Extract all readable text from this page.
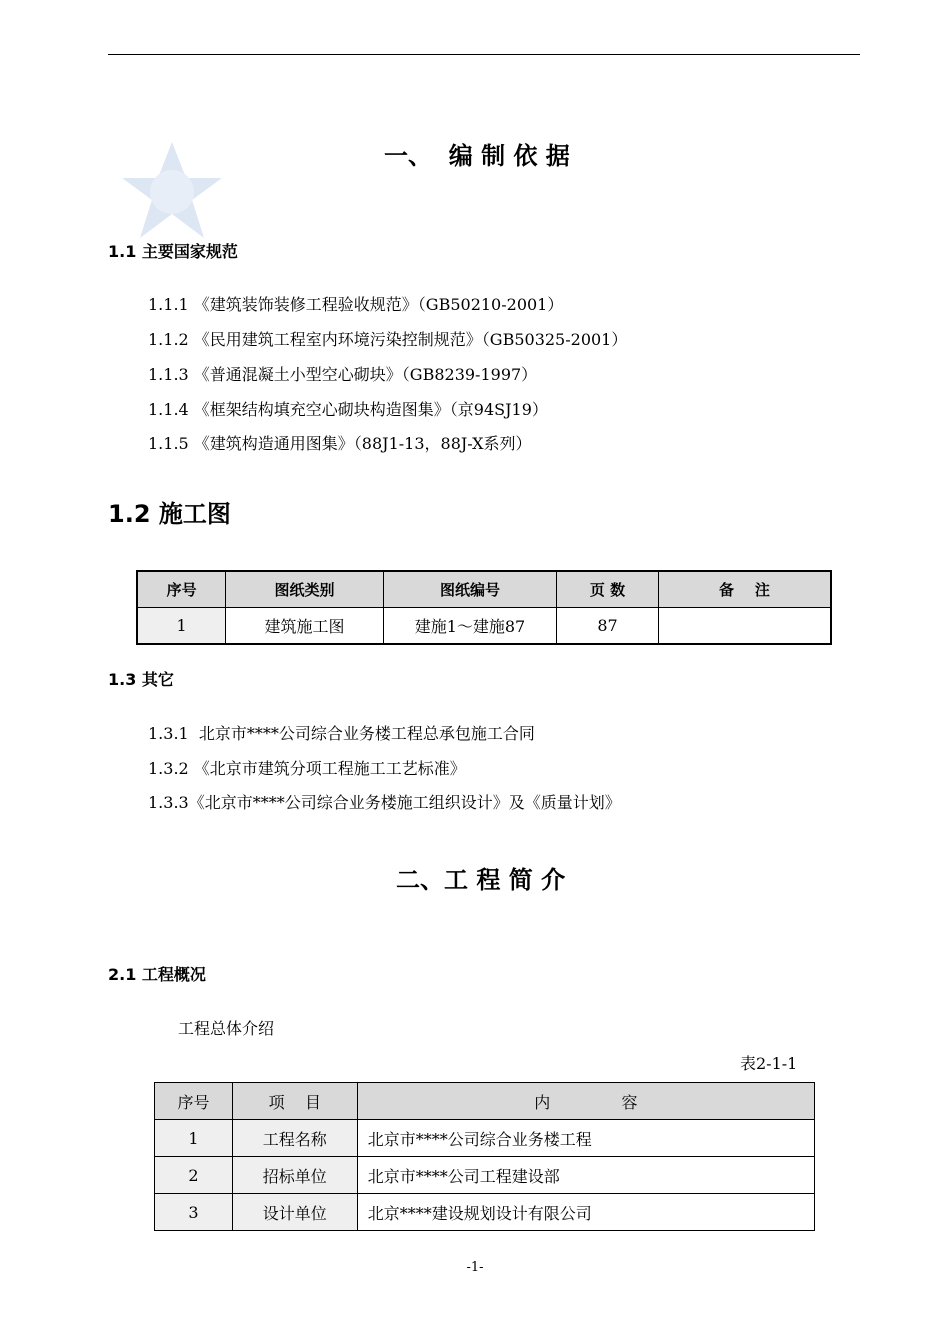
一、  编 制 依 据
1.1 主要国家规范
1.1.1 《建筑装饰装修工程验收规范》（GB50210-2001）
1.1.2 《民用建筑工程室内环境污染控制规范》（GB50325-2001）
1.1.3 《普通混凝土小型空心砌块》（GB8239-1997）
1.1.4 《框架结构填充空心砌块构造图集》（京94SJ19）
1.1.5 《建筑构造通用图集》（88J1-13，88J-X系列）
1.2 施工图
序号	图纸类别	图纸编号	页 数	备    注
1	建筑施工图	建施1～建施87	87	
1.3 其它
1.3.1  北京市****公司综合业务楼工程总承包施工合同
1.3.2 《北京市建筑分项工程施工工艺标准》
1.3.3《北京市****公司综合业务楼施工组织设计》及《质量计划》
二、工 程 简 介
2.1 工程概况
工程总体介绍
表2-1-1
序号	项    目	内              容
1	工程名称	北京市****公司综合业务楼工程
2	招标单位	北京市****公司工程建设部
3	设计单位	北京****建设规划设计有限公司
-1-
